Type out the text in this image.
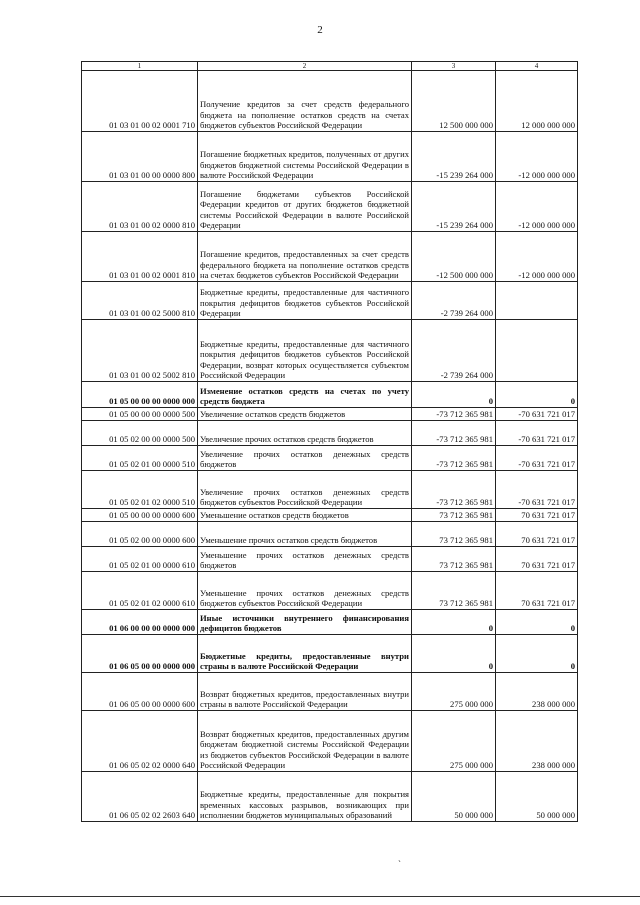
2
1	2	3	4
01 03 01 00 02 0001 710	Получение кредитов за счет средств федерального бюджета на пополнение остатков средств на счетах бюджетов субъектов Российской Федерации	12 500 000 000	12 000 000 000
01 03 01 00 00 0000 800	Погашение бюджетных кредитов, полученных от других бюджетов бюджетной системы Российской Федерации в валюте Российской Федерации	-15 239 264 000	-12 000 000 000
01 03 01 00 02 0000 810	Погашение бюджетами субъектов Российской Федерации кредитов от других бюджетов бюджетной системы Российской Федерации в валюте Российской Федерации	-15 239 264 000	-12 000 000 000
01 03 01 00 02 0001 810	Погашение кредитов, предоставленных за счет средств федерального бюджета на пополнение остатков средств на счетах бюджетов субъектов Российской Федерации	-12 500 000 000	-12 000 000 000
01 03 01 00 02 5000 810	Бюджетные кредиты, предоставленные для частичного покрытия дефицитов бюджетов субъектов Российской Федерации	-2 739 264 000	
01 03 01 00 02 5002 810	Бюджетные кредиты, предоставленные для частичного покрытия дефицитов бюджетов субъектов Российской Федерации, возврат которых осуществляется субъектом Российской Федерации	-2 739 264 000	
01 05 00 00 00 0000 000	Изменение остатков средств на счетах по учету средств бюджета	0	0
01 05 00 00 00 0000 500	Увеличение остатков средств бюджетов	-73 712 365 981	-70 631 721 017
01 05 02 00 00 0000 500	Увеличение прочих остатков средств бюджетов	-73 712 365 981	-70 631 721 017
01 05 02 01 00 0000 510	Увеличение прочих остатков денежных средств бюджетов	-73 712 365 981	-70 631 721 017
01 05 02 01 02 0000 510	Увеличение прочих остатков денежных средств бюджетов субъектов Российской Федерации	-73 712 365 981	-70 631 721 017
01 05 00 00 00 0000 600	Уменьшение остатков средств бюджетов	73 712 365 981	70 631 721 017
01 05 02 00 00 0000 600	Уменьшение прочих остатков средств бюджетов	73 712 365 981	70 631 721 017
01 05 02 01 00 0000 610	Уменьшение прочих остатков денежных средств бюджетов	73 712 365 981	70 631 721 017
01 05 02 01 02 0000 610	Уменьшение прочих остатков денежных средств бюджетов субъектов Российской Федерации	73 712 365 981	70 631 721 017
01 06 00 00 00 0000 000	Иные источники внутреннего финансирования дефицитов бюджетов	0	0
01 06 05 00 00 0000 000	Бюджетные кредиты, предоставленные внутри страны в валюте Российской Федерации	0	0
01 06 05 00 00 0000 600	Возврат бюджетных кредитов, предоставленных внутри страны в валюте Российской Федерации	275 000 000	238 000 000
01 06 05 02 02 0000 640	Возврат бюджетных кредитов, предоставленных другим бюджетам бюджетной системы Российской Федерации из бюджетов субъектов Российской Федерации в валюте Российской Федерации	275 000 000	238 000 000
01 06 05 02 02 2603 640	Бюджетные кредиты, предоставленные для покрытия временных кассовых разрывов, возникающих при исполнении бюджетов муниципальных образований	50 000 000	50 000 000
ˏ
